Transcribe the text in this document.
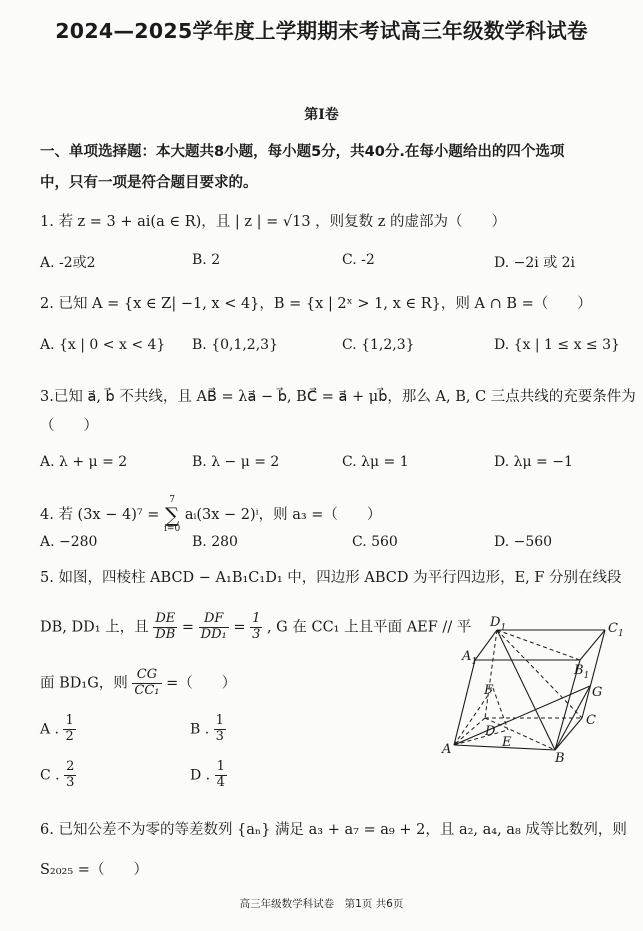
2024—2025学年度上学期期末考试高三年级数学科试卷
第Ⅰ卷
一、单项选择题：本大题共8小题，每小题5分，共40分.在每小题给出的四个选项
中，只有一项是符合题目要求的。
1. 若 z = 3 + ai(a ∈ R)，且 | z | = √13 ，则复数 z 的虚部为（　　）
A. -2或2	B. 2	C. -2	D. −2i 或 2i
2. 已知 A = {x ∈ Z| −1, x < 4}，B = {x | 2ˣ > 1, x ∈ R}，则 A ∩ B =（　　）
A. {x | 0 < x < 4} B. {0,1,2,3}	C. {1,2,3}	D. {x | 1 ≤ x ≤ 3}
3.已知 a⃗, b⃗ 不共线，且 AB⃗ = λa⃗ − b⃗, BC⃗ = a⃗ + μb⃗，那么 A, B, C 三点共线的充要条件为
（　　）
A. λ + μ = 2	B. λ − μ = 2	C. λμ = 1	D. λμ = −1
4. 若 (3x − 4)⁷ =
7
∑
i=0
aᵢ(3x − 2)ⁱ，则 a₃ =（　　）
A. −280	B. 280	C. 560	D. −560
5. 如图，四棱柱 ABCD − A₁B₁C₁D₁ 中，四边形 ABCD 为平行四边形，E, F 分别在线段
DB, DD₁ 上，且 $\frac{DE}{DB} = \frac{DF}{\text{DD₁}} = \frac{1}{3}$ , G 在 CC₁ 上且平面 AEF // 平
面 BD₁G，则 $\frac{CG}{\text{CC₁}}$ =（　　）
A . $\frac{1}{2}$	B . $\frac{1}{3}$
C . $\frac{2}{3}$	D . $\frac{1}{4}$
$D_1$	$C_1$
$A_1$
$B_1$
G
F
C
D
E
A
B
6. 已知公差不为零的等差数列 {aₙ} 满足 a₃ + a₇ = a₉ + 2，且 a₂, a₄, a₈ 成等比数列，则
S₂₀₂₅ =（　　）
高三年级数学科试卷　第1页 共6页
